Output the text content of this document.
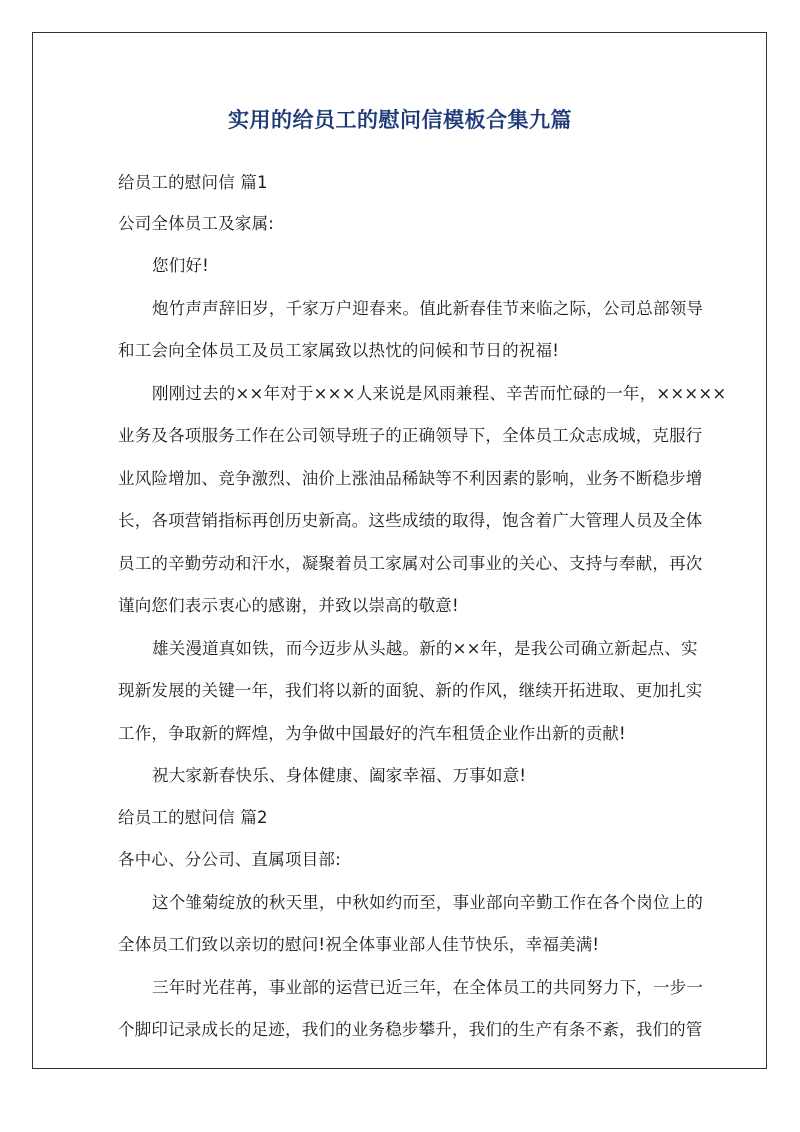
实用的给员工的慰问信模板合集九篇
给员工的慰问信 篇1
公司全体员工及家属:
您们好!
炮竹声声辞旧岁，千家万户迎春来。值此新春佳节来临之际，公司总部领导
和工会向全体员工及员工家属致以热忱的问候和节日的祝福!
刚刚过去的××年对于×××人来说是风雨兼程、辛苦而忙碌的一年，×××××
业务及各项服务工作在公司领导班子的正确领导下，全体员工众志成城，克服行
业风险增加、竞争激烈、油价上涨油品稀缺等不利因素的影响，业务不断稳步增
长，各项营销指标再创历史新高。这些成绩的取得，饱含着广大管理人员及全体
员工的辛勤劳动和汗水，凝聚着员工家属对公司事业的关心、支持与奉献，再次
谨向您们表示衷心的感谢，并致以崇高的敬意!
雄关漫道真如铁，而今迈步从头越。新的××年，是我公司确立新起点、实
现新发展的关键一年，我们将以新的面貌、新的作风，继续开拓进取、更加扎实
工作，争取新的辉煌，为争做中国最好的汽车租赁企业作出新的贡献!
祝大家新春快乐、身体健康、阖家幸福、万事如意!
给员工的慰问信 篇2
各中心、分公司、直属项目部:
这个雏菊绽放的秋天里，中秋如约而至，事业部向辛勤工作在各个岗位上的
全体员工们致以亲切的慰问!祝全体事业部人佳节快乐，幸福美满!
三年时光荏苒，事业部的运营已近三年，在全体员工的共同努力下，一步一
个脚印记录成长的足迹，我们的业务稳步攀升，我们的生产有条不紊，我们的管
